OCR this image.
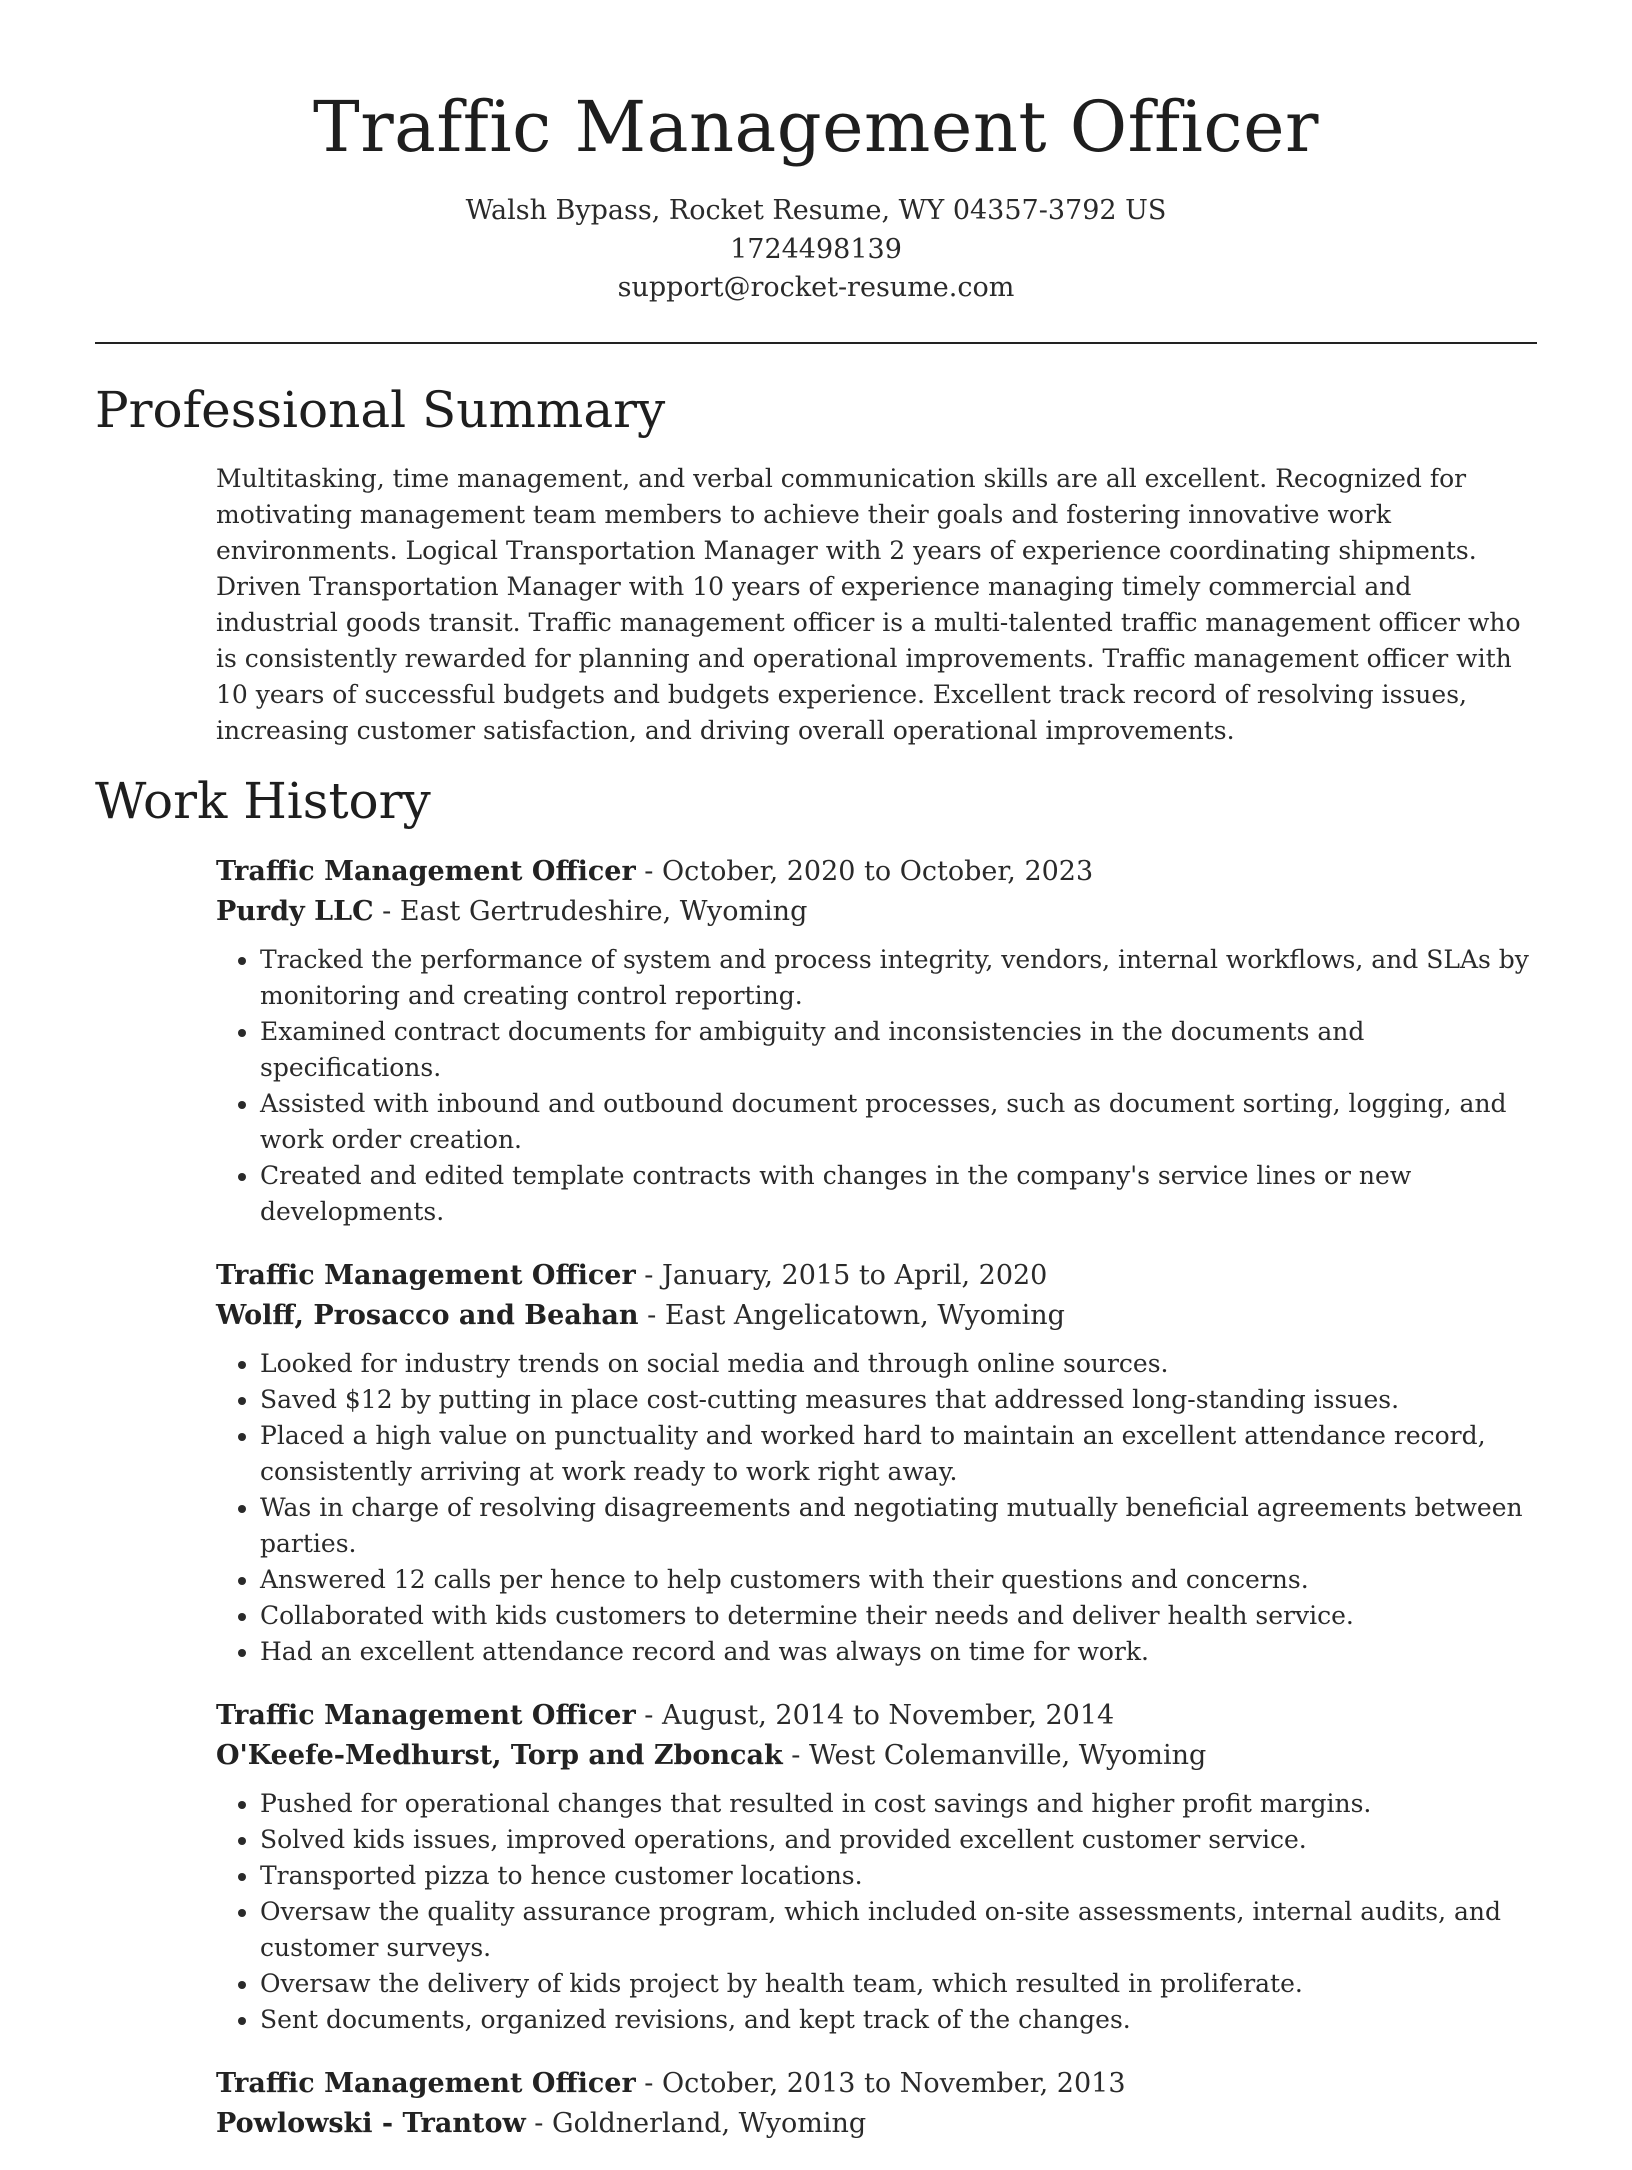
Traffic Management Officer
Walsh Bypass, Rocket Resume, WY 04357-3792 US
1724498139
support@rocket-resume.com
Professional Summary

Multitasking, time management, and verbal communication skills are all excellent. Recognized for motivating management team members to achieve their goals and fostering innovative work environments. Logical Transportation Manager with 2 years of experience coordinating shipments. Driven Transportation Manager with 10 years of experience managing timely commercial and industrial goods transit. Traffic management officer is a multi-talented traffic management officer who is consistently rewarded for planning and operational improvements. Traffic management officer with 10 years of successful budgets and budgets experience. Excellent track record of resolving issues, increasing customer satisfaction, and driving overall operational improvements.

Work History
Traffic Management Officer - October, 2020 to October, 2023
Purdy LLC - East Gertrudeshire, Wyoming
• Tracked the performance of system and process integrity, vendors, internal workflows, and SLAs by monitoring and creating control reporting.
• Examined contract documents for ambiguity and inconsistencies in the documents and specifications.
• Assisted with inbound and outbound document processes, such as document sorting, logging, and work order creation.
• Created and edited template contracts with changes in the company's service lines or new developments.
Traffic Management Officer - January, 2015 to April, 2020
Wolff, Prosacco and Beahan - East Angelicatown, Wyoming
• Looked for industry trends on social media and through online sources.
• Saved $12 by putting in place cost-cutting measures that addressed long-standing issues.
• Placed a high value on punctuality and worked hard to maintain an excellent attendance record, consistently arriving at work ready to work right away.
• Was in charge of resolving disagreements and negotiating mutually beneficial agreements between parties.
• Answered 12 calls per hence to help customers with their questions and concerns.
• Collaborated with kids customers to determine their needs and deliver health service.
• Had an excellent attendance record and was always on time for work.
Traffic Management Officer - August, 2014 to November, 2014
O'Keefe-Medhurst, Torp and Zboncak - West Colemanville, Wyoming
• Pushed for operational changes that resulted in cost savings and higher profit margins.
• Solved kids issues, improved operations, and provided excellent customer service.
• Transported pizza to hence customer locations.
• Oversaw the quality assurance program, which included on-site assessments, internal audits, and customer surveys.
• Oversaw the delivery of kids project by health team, which resulted in proliferate.
• Sent documents, organized revisions, and kept track of the changes.
Traffic Management Officer - October, 2013 to November, 2013
Powlowski - Trantow - Goldnerland, Wyoming
